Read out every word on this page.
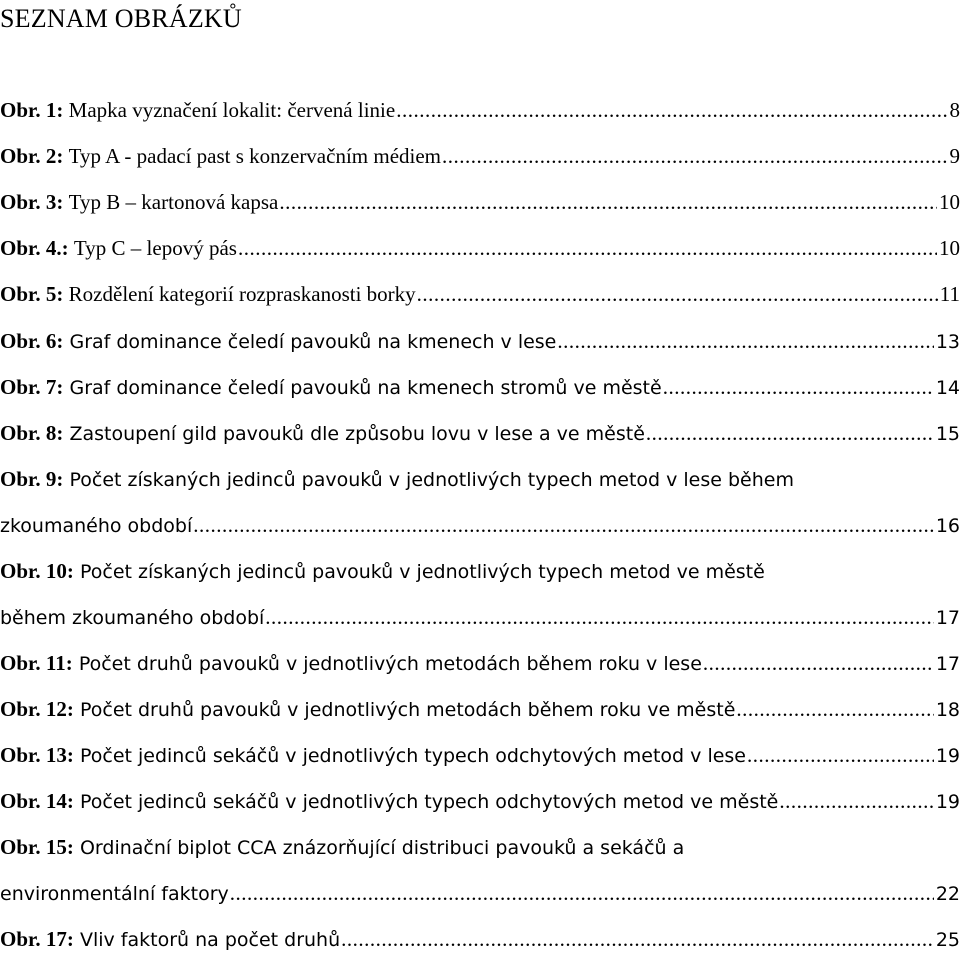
SEZNAM OBRÁZKŮ
Obr.
1 :
Mapka vyznačení lokalit: červená linie .....	8
Obr.
2 :
Typ A - padací past s konzervačním médiem .....	9
Obr.
3 :
Typ B – kartonová kapsa .....	10
Obr.
4. :
Typ C – lepový pás .....	10
Obr.
5 :
Rozdělení kategorií rozpraskanosti borky .....	11
Obr.
6 :
Graf dominance čeledí pavouků na kmenech v lese .....	13
Obr.
7 :
Graf dominance čeledí pavouků na kmenech stromů ve městě .....	14
Obr.
8 :
Zastoupení gild pavouků dle způsobu lovu v lese a ve městě .....	15
Obr.
9 :
Počet získaných jedinců pavouků v jednotlivých typech metod v lese během
zkoumaného období .....	16
Obr.
10 :
Počet získaných jedinců pavouků v jednotlivých typech metod ve městě
během zkoumaného období .....	17
Obr.
11 :
Počet druhů pavouků v jednotlivých metodách během roku v lese .....	17
Obr.
12 :
Počet druhů pavouků v jednotlivých metodách během roku ve městě .....	18
Obr.
13 :
Počet jedinců sekáčů v jednotlivých typech odchytových metod v lese .....	19
Obr.
14 :
Počet jedinců sekáčů v jednotlivých typech odchytových metod ve městě .....	19
Obr.
15 :
Ordinační biplot CCA znázorňující distribuci pavouků a sekáčů a
environmentální faktory .....	22
Obr.
17 :
Vliv faktorů na počet druhů .....	25
